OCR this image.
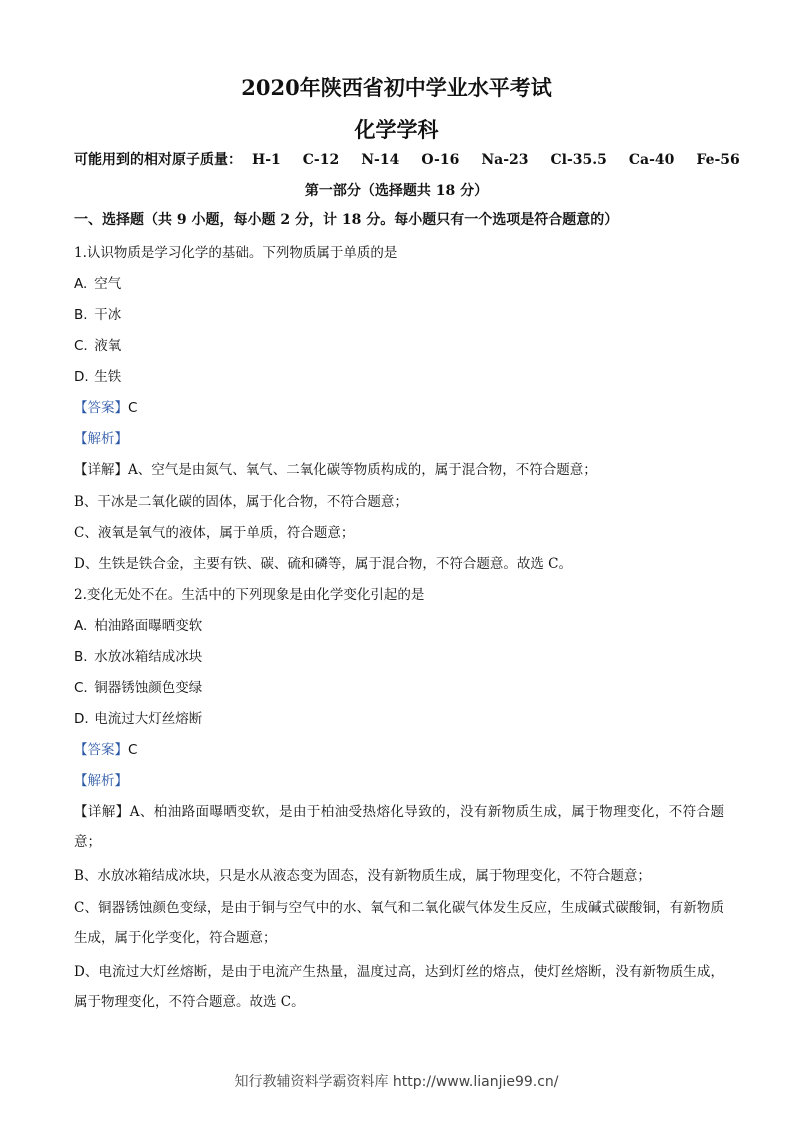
2020年陕西省初中学业水平考试
化学学科
可能用到的相对原子质量： H-1 C-12 N-14 O-16 Na-23 Cl-35.5 Ca-40 Fe-56
第一部分（选择题共 18 分）
一、选择题（共 9 小题，每小题 2 分，计 18 分。每小题只有一个选项是符合题意的）
1.认识物质是学习化学的基础。下列物质属于单质的是
A. 空气
B. 干冰
C. 液氧
D. 生铁
【答案】C
【解析】
【详解】A、空气是由氮气、氧气、二氧化碳等物质构成的，属于混合物，不符合题意；
B、干冰是二氧化碳的固体，属于化合物，不符合题意；
C、液氧是氧气的液体，属于单质，符合题意；
D、生铁是铁合金，主要有铁、碳、硫和磷等，属于混合物，不符合题意。故选 C。
2.变化无处不在。生活中的下列现象是由化学变化引起的是
A. 柏油路面曝晒变软
B. 水放冰箱结成冰块
C. 铜器锈蚀颜色变绿
D. 电流过大灯丝熔断
【答案】C
【解析】
【详解】A、柏油路面曝晒变软，是由于柏油受热熔化导致的，没有新物质生成，属于物理变化，不符合题意；
B、水放冰箱结成冰块，只是水从液态变为固态，没有新物质生成，属于物理变化，不符合题意；
C、铜器锈蚀颜色变绿，是由于铜与空气中的水、氧气和二氧化碳气体发生反应，生成碱式碳酸铜，有新物质生成，属于化学变化，符合题意；
D、电流过大灯丝熔断，是由于电流产生热量，温度过高，达到灯丝的熔点，使灯丝熔断，没有新物质生成，属于物理变化，不符合题意。故选 C。
知行教辅资料学霸资料库 http://www.lianjie99.cn/
